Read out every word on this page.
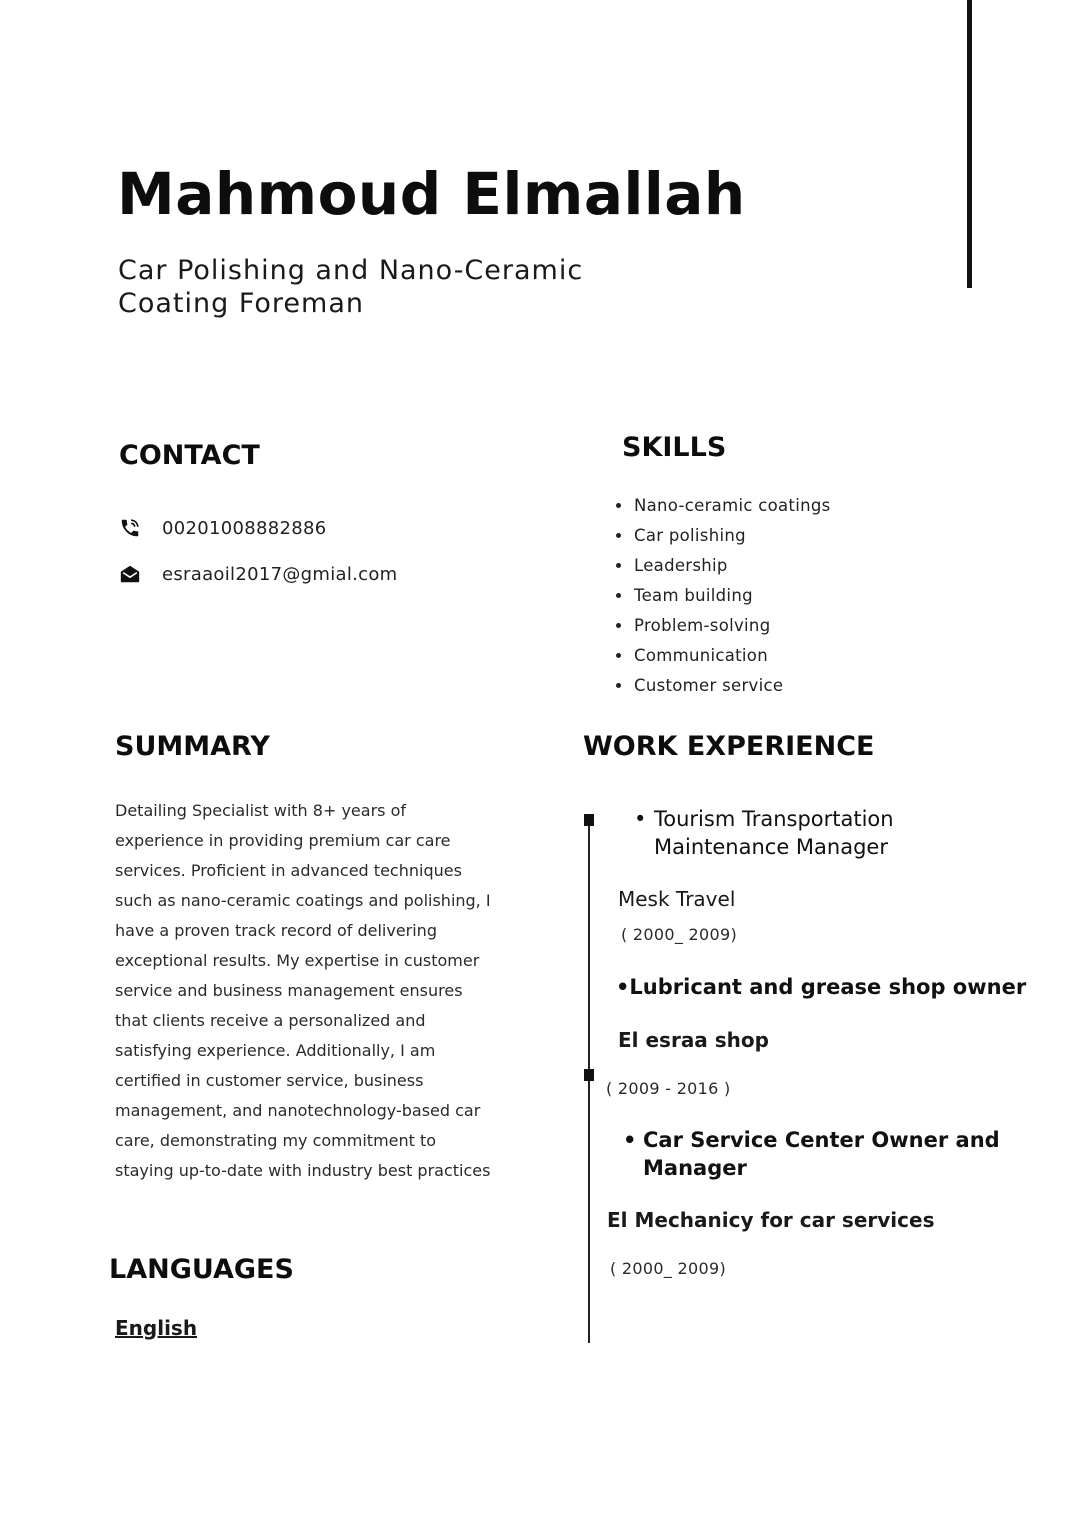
Mahmoud Elmallah
Car Polishing and Nano-Ceramic Coating Foreman
CONTACT
00201008882886
esraaoil2017@gmial.com
SKILLS
Nano-ceramic coatings
Car polishing
Leadership
Team building
Problem-solving
Communication
Customer service
SUMMARY
Detailing Specialist with 8+ years of experience in providing premium car care services. Proficient in advanced techniques such as nano-ceramic coatings and polishing, I have a proven track record of delivering exceptional results. My expertise in customer service and business management ensures that clients receive a personalized and satisfying experience. Additionally, I am certified in customer service, business management, and nanotechnology-based car care, demonstrating my commitment to staying up-to-date with industry best practices
LANGUAGES
English
WORK EXPERIENCE
• Tourism Transportation
Maintenance Manager
Mesk Travel
( 2000_ 2009)
•Lubricant and grease shop owner
El esraa shop
( 2009 - 2016 )
• Car Service Center Owner and
Manager
El Mechanicy for car services
( 2000_ 2009)
